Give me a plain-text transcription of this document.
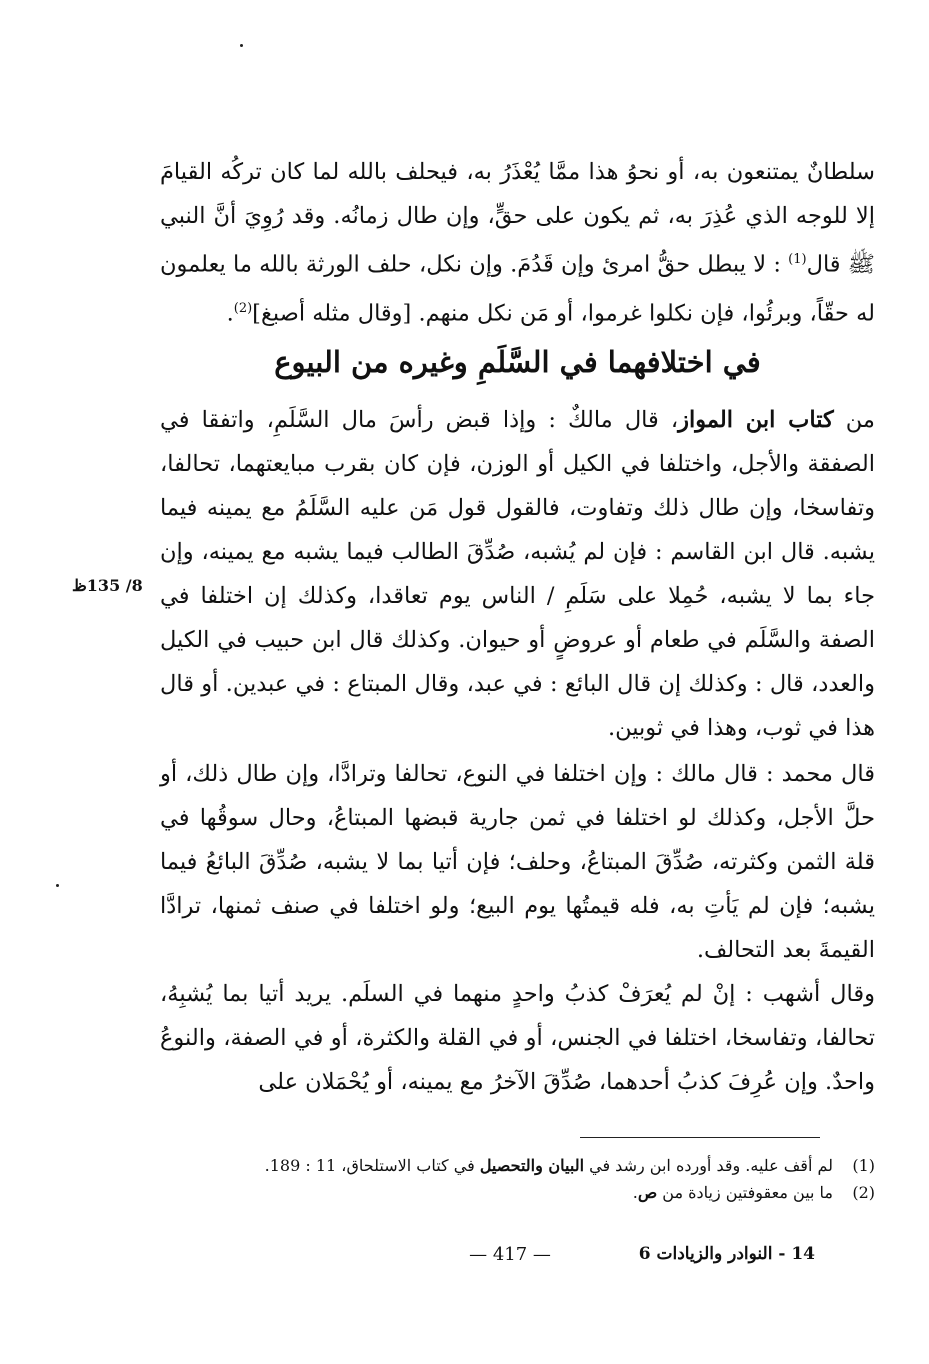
سلطانٌ يمتنعون به، أو نحوُ هذا ممَّا يُعْذَرُ به، فيحلف بالله لما كان تركُه القيامَ إلا للوجه الذي عُذِرَ به، ثم يكون على حقٍّ، وإن طال زمانُه. وقد رُوِيَ أنَّ النبي ﷺ قال$^{(1)}$ : لا يبطل حقُّ امرئ وإن قَدُمَ. وإن نكل، حلف الورثة بالله ما يعلمون له حقّاً، وبرئُوا، فإن نكلوا غرموا، أو مَن نكل منهم. [وقال مثله أصبغ]$^{(2)}$.

في اختلافهما في السَّلَمِ وغيره من البيوع

من كتاب ابن المواز، قال مالكٌ : وإذا قبض رأسَ مال السَّلَمِ، واتفقا في الصفقة والأجل، واختلفا في الكيل أو الوزن، فإن كان بقرب مبايعتهما، تحالفا، وتفاسخا، وإن طال ذلك وتفاوت، فالقول قول مَن عليه السَّلَمُ مع يمينه فيما يشبه. قال ابن القاسم : فإن لم يُشبه، صُدِّقَ الطالب فيما يشبه مع يمينه، وإن جاء بما لا يشبه، حُمِلا على سَلَمِ / الناس يوم تعاقدا، وكذلك إن اختلفا في الصفة والسَّلَم في طعام أو عروضٍ أو حيوان. وكذلك قال ابن حبيب في الكيل والعدد، قال : وكذلك إن قال البائع : في عبد، وقال المبتاع : في عبدين. أو قال هذا في ثوب، وهذا في ثوبين.

8/ 135ظ

قال محمد : قال مالك : وإن اختلفا في النوع، تحالفا وترادَّا، وإن طال ذلك، أو حلَّ الأجل، وكذلك لو اختلفا في ثمن جارية قبضها المبتاعُ، وحال سوقُها في قلة الثمن وكثرته، صُدِّقَ المبتاعُ، وحلف؛ فإن أتيا بما لا يشبه، صُدِّقَ البائعُ فيما يشبه؛ فإن لم يَأتِ به، فله قيمتُها يوم البيع؛ ولو اختلفا في صنف ثمنها، ترادَّا القيمةَ بعد التحالف.

وقال أشهب : إنْ لم يُعرَفْ كذبُ واحدٍ منهما في السلَم. يريد أتيا بما يُشبِهُ، تحالفا، وتفاسخا، اختلفا في الجنس، أو في القلة والكثرة، أو في الصفة، والنوعُ واحدٌ. وإن عُرِفَ كذبُ أحدهما، صُدِّقَ الآخرُ مع يمينه، أو يُحْمَلان على

(1)لم أقف عليه. وقد أورده ابن رشد في البيان والتحصيل في كتاب الاستلحاق، 11 : 189.
(2)ما بين معقوفتين زيادة من ص.
— 417 —	14 - النوادر والزيادات 6
